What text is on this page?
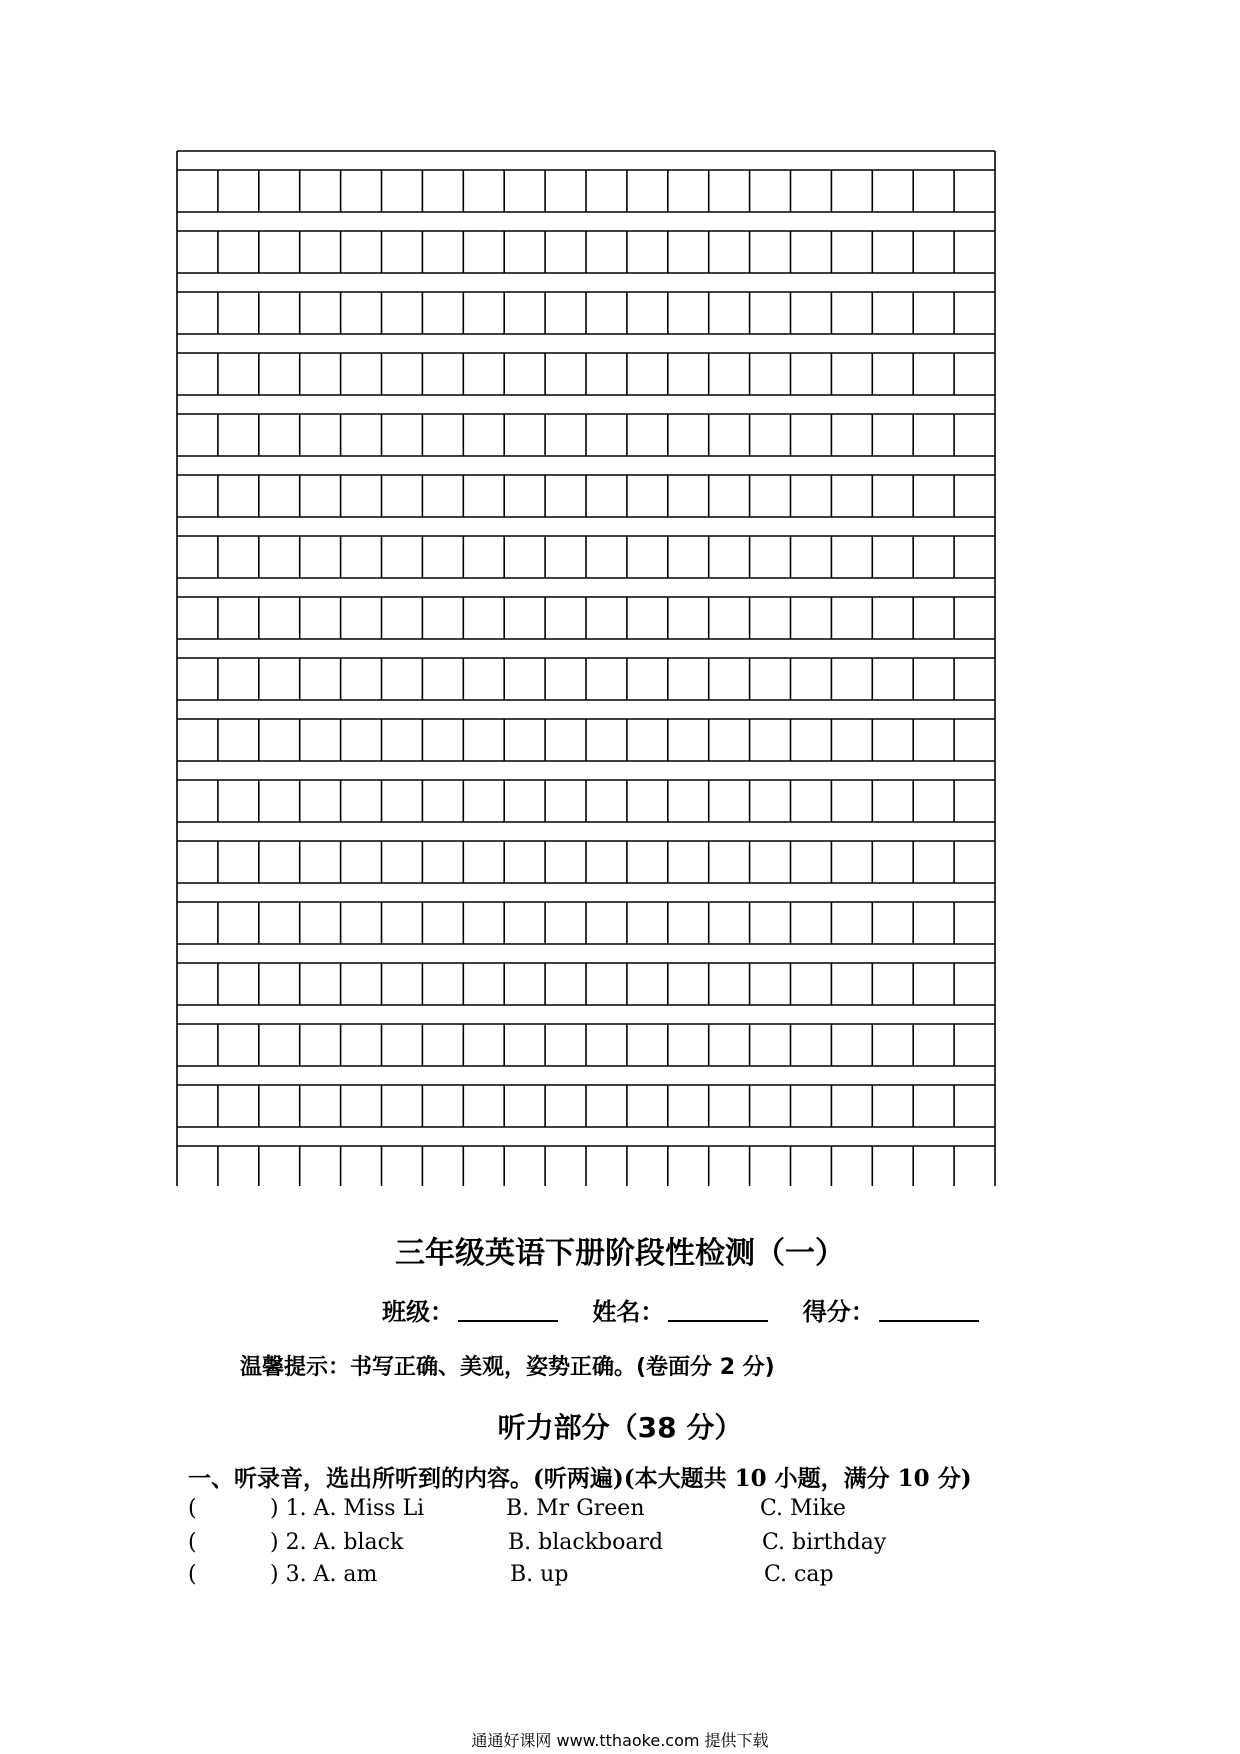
三年级英语下册阶段性检测（一）
班级：	姓名：	得分：
温馨提示：书写正确、美观，姿势正确。(卷面分 2 分)
听力部分（38 分）
一、听录音，选出所听到的内容。(听两遍)(本大题共 10 小题，满分 10 分)
(	) 1. A. Miss Li	B. Mr Green	C. Mike
(	) 2. A. black	B. blackboard	C. birthday
(	) 3. A. am	B. up	C. cap
通通好课网 www.tthaoke.com 提供下载
